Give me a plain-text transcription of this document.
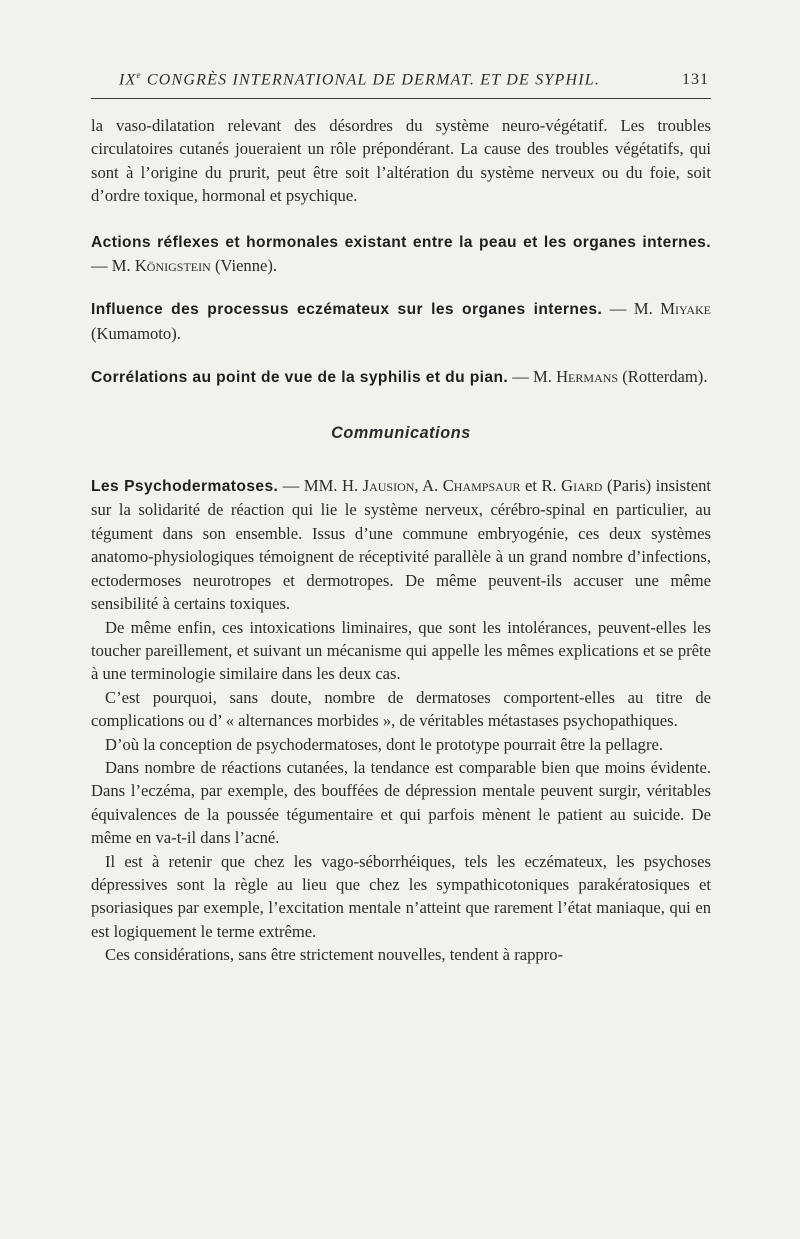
IXe CONGRÈS INTERNATIONAL DE DERMAT. ET DE SYPHIL.	131

la vaso-dilatation relevant des désordres du système neuro-végétatif. Les troubles circulatoires cutanés joueraient un rôle prépondérant. La cause des troubles végétatifs, qui sont à l’origine du prurit, peut être soit l’altération du système nerveux ou du foie, soit d’ordre toxique, hormonal et psychique.

Actions réflexes et hormonales existant entre la peau et les organes internes. — M. Königstein (Vienne).

Influence des processus eczémateux sur les organes internes. — M. Miyake (Kumamoto).

Corrélations au point de vue de la syphilis et du pian. — M. Hermans (Rotterdam).

Communications

Les Psychodermatoses. — MM. H. Jausion, A. Champsaur et R. Giard (Paris) insistent sur la solidarité de réaction qui lie le système nerveux, cérébro-spinal en particulier, au tégument dans son ensemble. Issus d’une commune embryogénie, ces deux systèmes anatomo-physiologiques témoignent de réceptivité parallèle à un grand nombre d’infections, ectodermoses neurotropes et dermotropes. De même peuvent-ils accuser une même sensibilité à certains toxiques.

De même enfin, ces intoxications liminaires, que sont les intolérances, peuvent-elles les toucher pareillement, et suivant un mécanisme qui appelle les mêmes explications et se prête à une terminologie similaire dans les deux cas.

C’est pourquoi, sans doute, nombre de dermatoses comportent-elles au titre de complications ou d’ « alternances morbides », de véritables métastases psychopathiques.

D’où la conception de psychodermatoses, dont le prototype pourrait être la pellagre.

Dans nombre de réactions cutanées, la tendance est comparable bien que moins évidente. Dans l’eczéma, par exemple, des bouffées de dépression mentale peuvent surgir, véritables équivalences de la poussée tégumentaire et qui parfois mènent le patient au suicide. De même en va-t-il dans l’acné.

Il est à retenir que chez les vago-séborrhéiques, tels les eczémateux, les psychoses dépressives sont la règle au lieu que chez les sympathicotoniques parakératosiques et psoriasiques par exemple, l’excitation mentale n’atteint que rarement l’état maniaque, qui en est logiquement le terme extrême.

Ces considérations, sans être strictement nouvelles, tendent à rappro-
